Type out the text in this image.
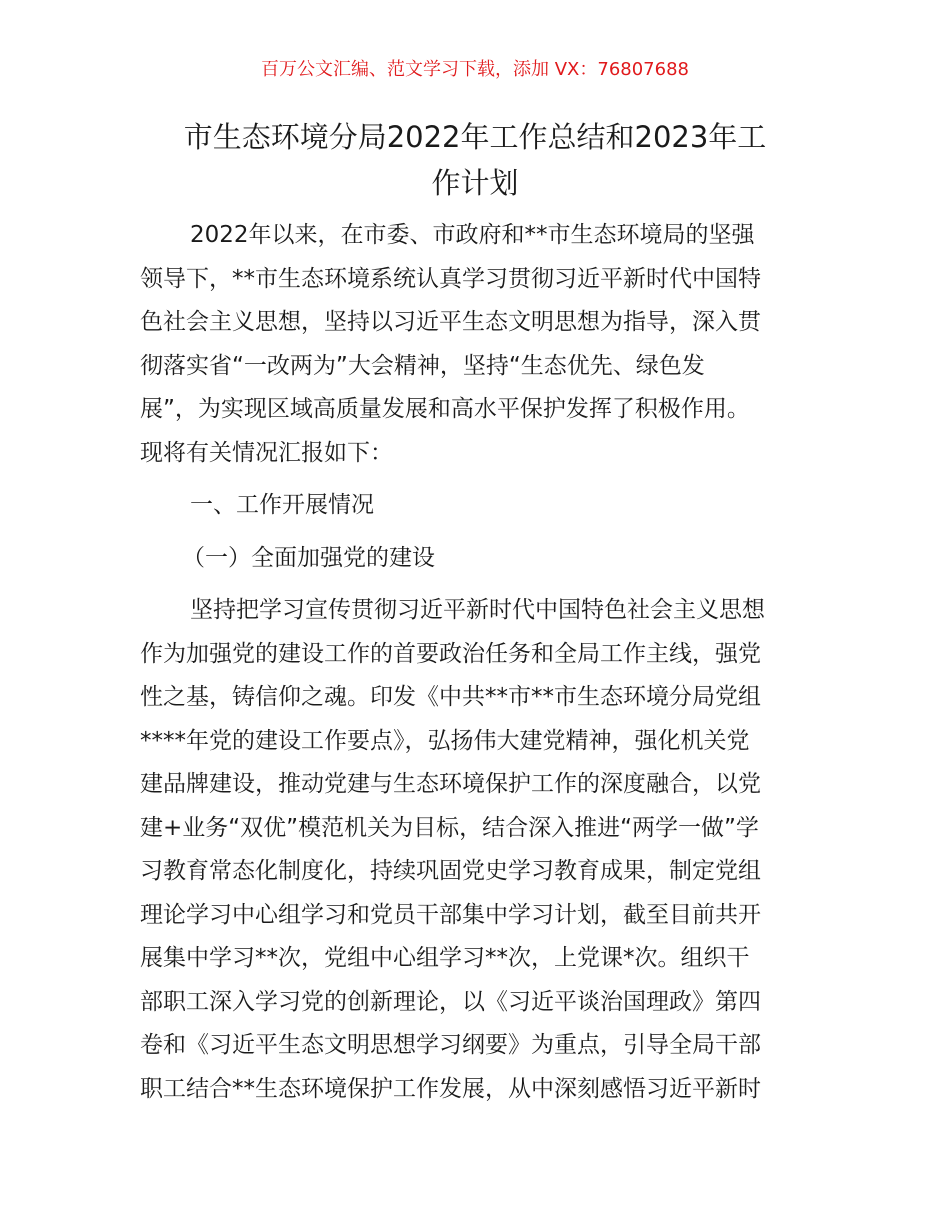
百万公文汇编、范文学习下载，添加 VX：76807688
市生态环境分局2022年工作总结和2023年工
作计划
2022年以来，在市委、市政府和**市生态环境局的坚强
领导下，**市生态环境系统认真学习贯彻习近平新时代中国特
色社会主义思想，坚持以习近平生态文明思想为指导，深入贯
彻落实省“一改两为”大会精神，坚持“生态优先、绿色发
展”，为实现区域高质量发展和高水平保护发挥了积极作用。
现将有关情况汇报如下：
一、工作开展情况
（一）全面加强党的建设
坚持把学习宣传贯彻习近平新时代中国特色社会主义思想
作为加强党的建设工作的首要政治任务和全局工作主线，强党
性之基，铸信仰之魂。印发《中共**市**市生态环境分局党组
****年党的建设工作要点》，弘扬伟大建党精神，强化机关党
建品牌建设，推动党建与生态环境保护工作的深度融合，以党
建+业务“双优”模范机关为目标，结合深入推进“两学一做”学
习教育常态化制度化，持续巩固党史学习教育成果，制定党组
理论学习中心组学习和党员干部集中学习计划，截至目前共开
展集中学习**次，党组中心组学习**次，上党课*次。组织干
部职工深入学习党的创新理论，以《习近平谈治国理政》第四
卷和《习近平生态文明思想学习纲要》为重点，引导全局干部
职工结合**生态环境保护工作发展，从中深刻感悟习近平新时
